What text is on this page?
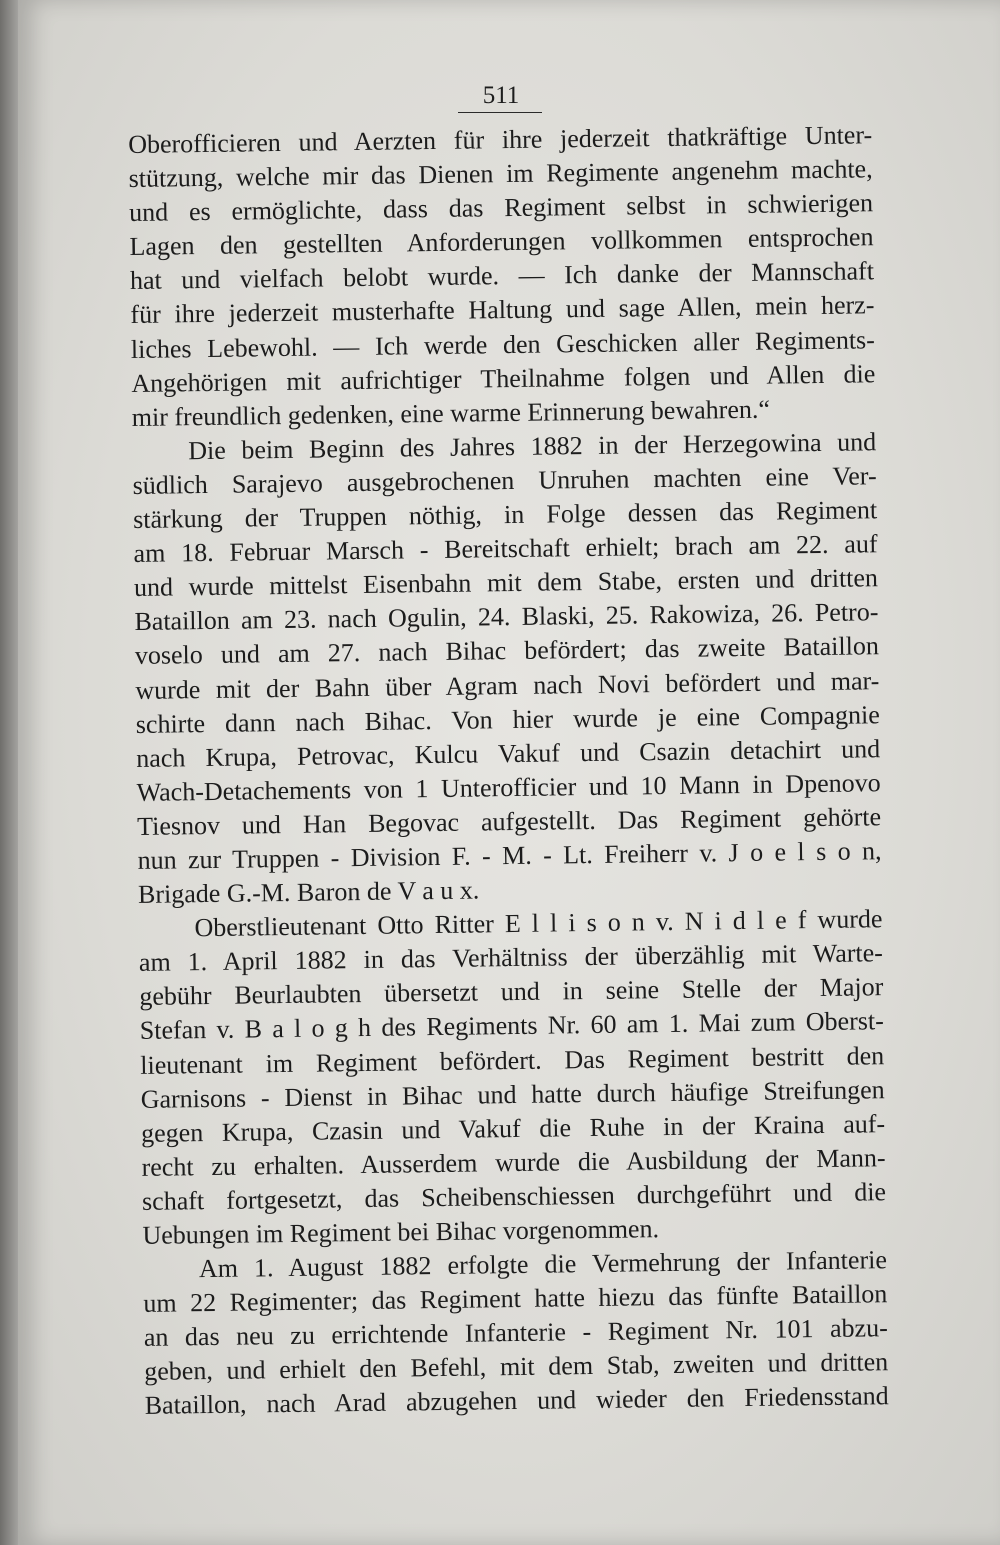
511
Oberofficieren und Aerzten für ihre jederzeit thatkräftige Unter-
stützung, welche mir das Dienen im Regimente angenehm machte,
und es ermöglichte, dass das Regiment selbst in schwierigen
Lagen den gestellten Anforderungen vollkommen entsprochen
hat und vielfach belobt wurde. — Ich danke der Mannschaft
für ihre jederzeit musterhafte Haltung und sage Allen, mein herz-
liches Lebewohl. — Ich werde den Geschicken aller Regiments-
Angehörigen mit aufrichtiger Theilnahme folgen und Allen die
mir freundlich gedenken, eine warme Erinnerung bewahren.“
Die beim Beginn des Jahres 1882 in der Herzegowina und
südlich Sarajevo ausgebrochenen Unruhen machten eine Ver-
stärkung der Truppen nöthig, in Folge dessen das Regiment
am 18. Februar Marsch - Bereitschaft erhielt; brach am 22. auf
und wurde mittelst Eisenbahn mit dem Stabe, ersten und dritten
Bataillon am 23. nach Ogulin, 24. Blaski, 25. Rakowiza, 26. Petro-
voselo und am 27. nach Bihac befördert; das zweite Bataillon
wurde mit der Bahn über Agram nach Novi befördert und mar-
schirte dann nach Bihac. Von hier wurde je eine Compagnie
nach Krupa, Petrovac, Kulcu Vakuf und Csazin detachirt und
Wach-Detachements von 1 Unterofficier und 10 Mann in Dpenovo
Tiesnov und Han Begovac aufgestellt. Das Regiment gehörte
nun zur Truppen - Division F. - M. - Lt. Freiherr v. J o e l s o n,
Brigade G.-M. Baron de V a u x.
Oberstlieutenant Otto Ritter E l l i s o n v. N i d l e f wurde
am 1. April 1882 in das Verhältniss der überzählig mit Warte-
gebühr Beurlaubten übersetzt und in seine Stelle der Major
Stefan v. B a l o g h des Regiments Nr. 60 am 1. Mai zum Oberst-
lieutenant im Regiment befördert. Das Regiment bestritt den
Garnisons - Dienst in Bihac und hatte durch häufige Streifungen
gegen Krupa, Czasin und Vakuf die Ruhe in der Kraina auf-
recht zu erhalten. Ausserdem wurde die Ausbildung der Mann-
schaft fortgesetzt, das Scheibenschiessen durchgeführt und die
Uebungen im Regiment bei Bihac vorgenommen.
Am 1. August 1882 erfolgte die Vermehrung der Infanterie
um 22 Regimenter; das Regiment hatte hiezu das fünfte Bataillon
an das neu zu errichtende Infanterie - Regiment Nr. 101 abzu-
geben, und erhielt den Befehl, mit dem Stab, zweiten und dritten
Bataillon, nach Arad abzugehen und wieder den Friedensstand
